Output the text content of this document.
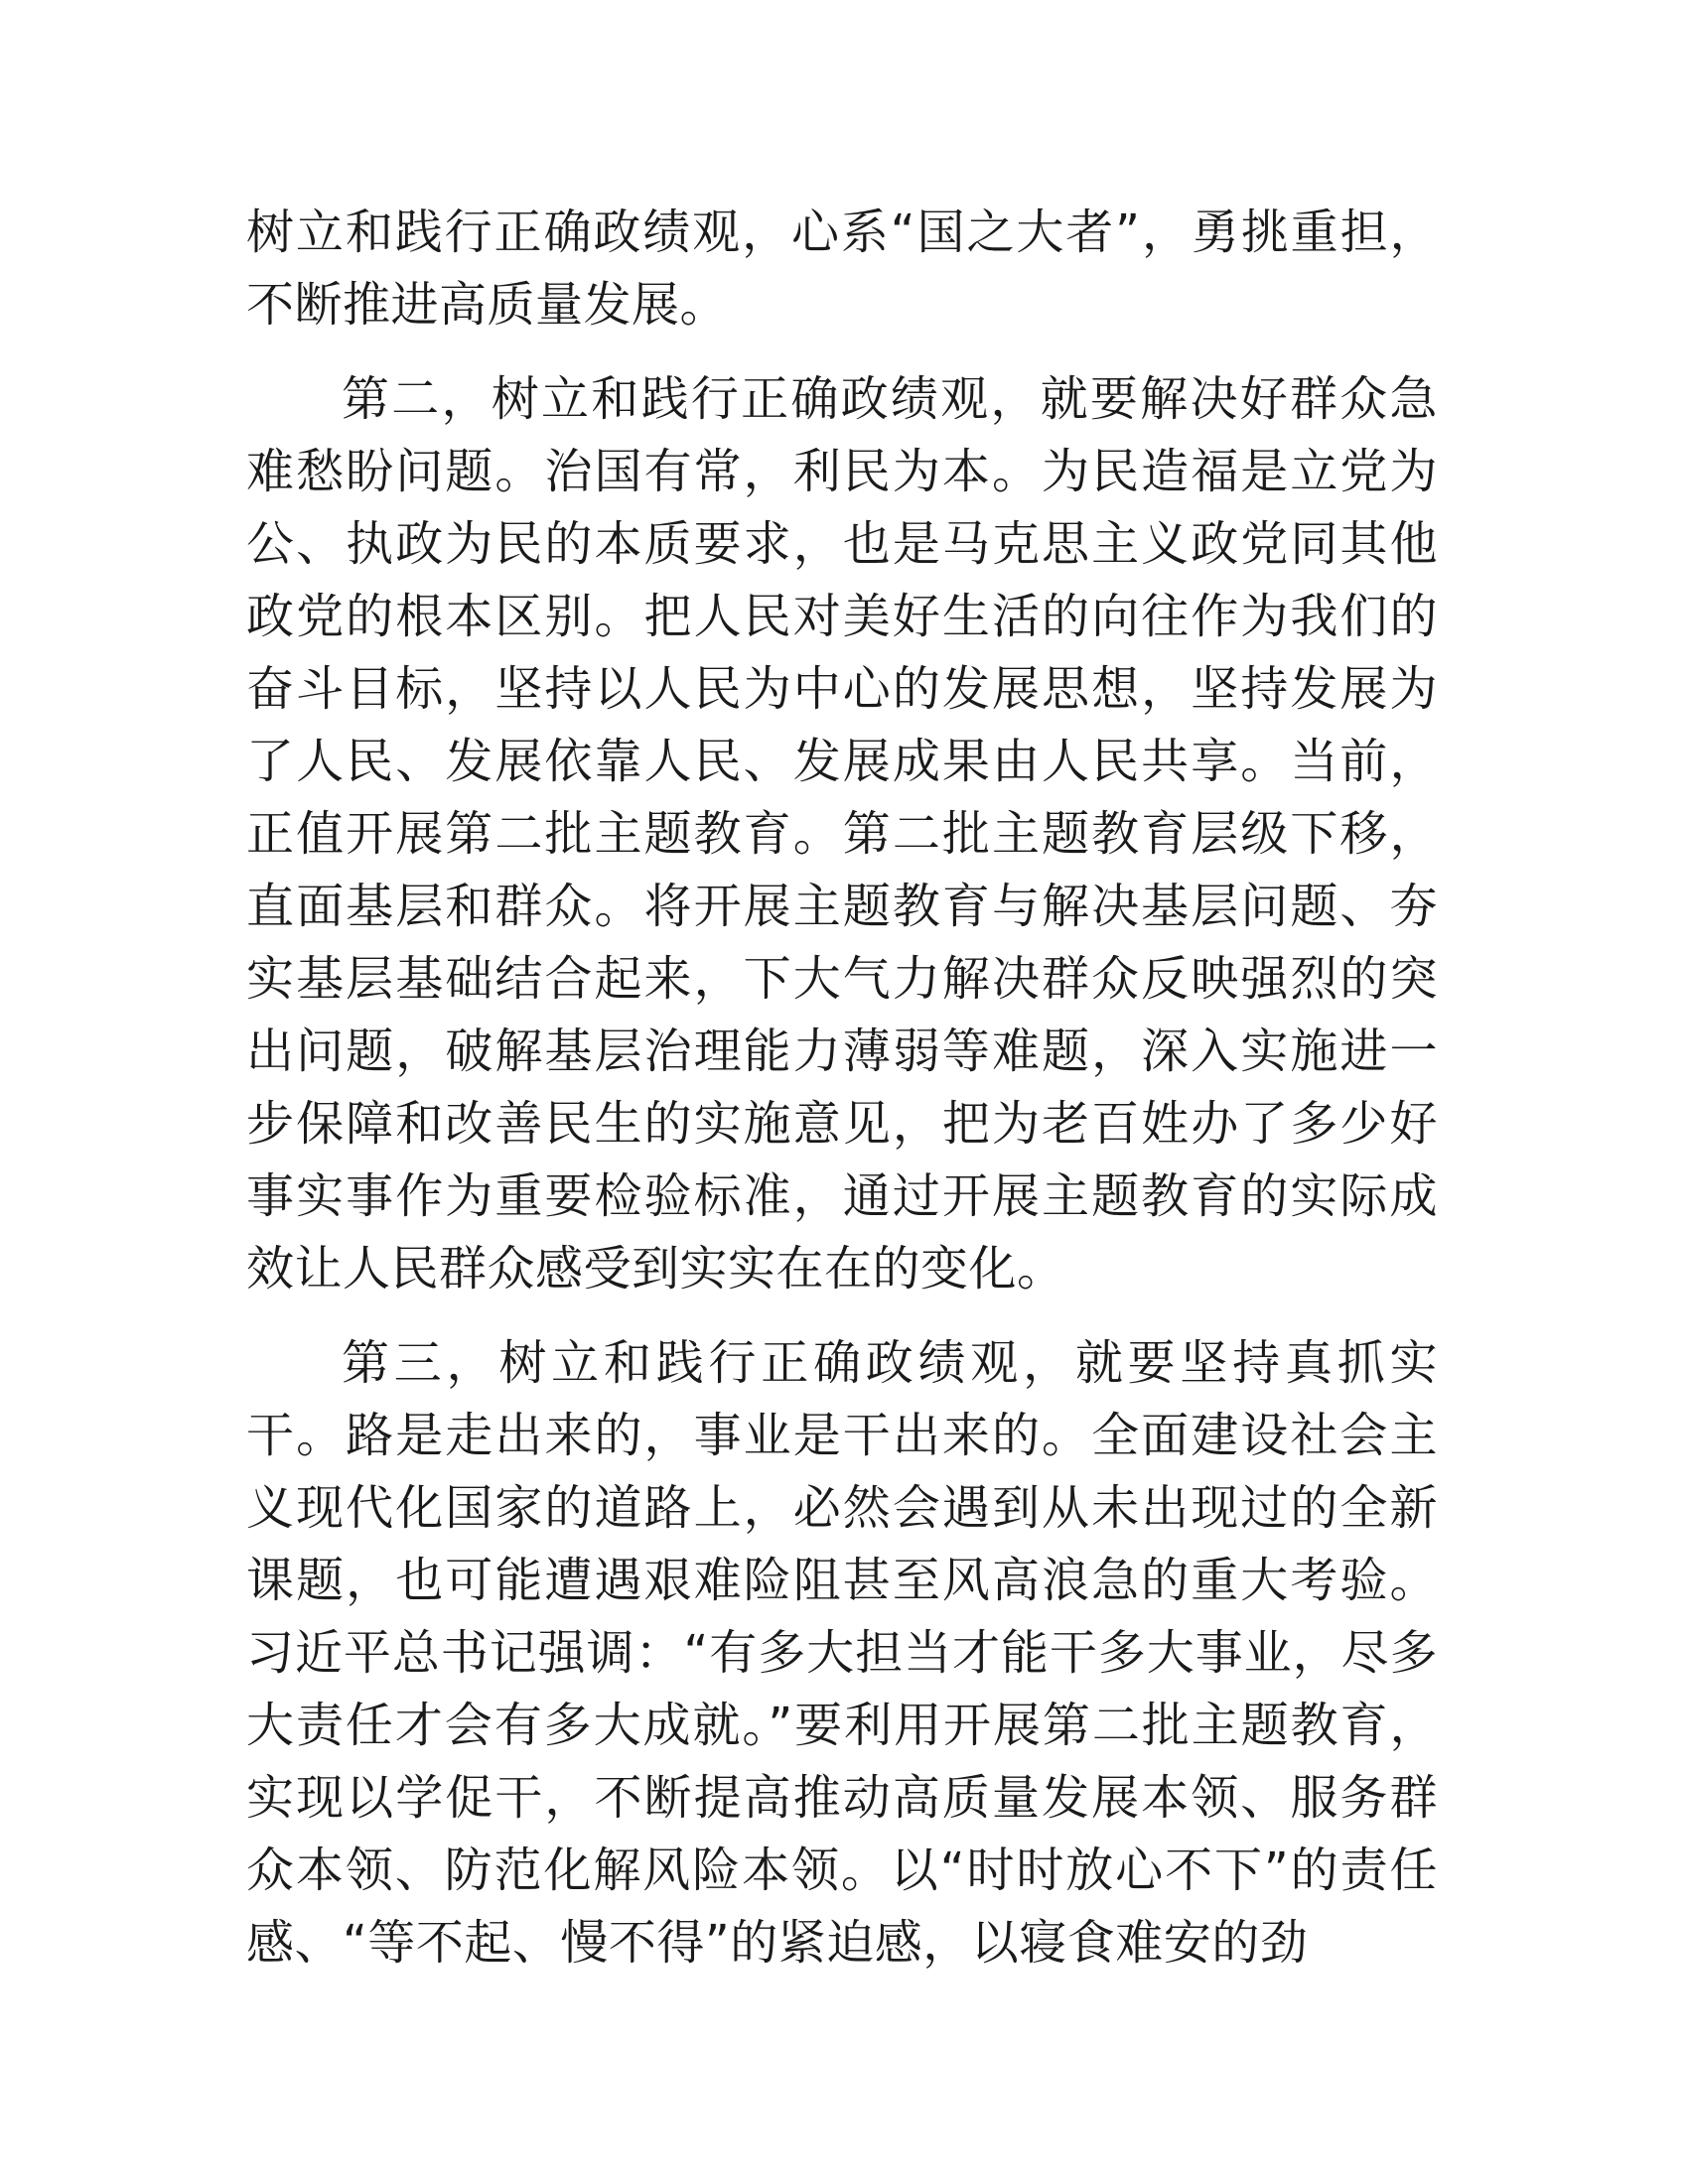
树立和践行正确政绩观，心系“国之大者”，勇挑重担，不断推进高质量发展。

第二，树立和践行正确政绩观，就要解决好群众急难愁盼问题。治国有常，利民为本。为民造福是立党为公、执政为民的本质要求，也是马克思主义政党同其他政党的根本区别。把人民对美好生活的向往作为我们的奋斗目标，坚持以人民为中心的发展思想，坚持发展为了人民、发展依靠人民、发展成果由人民共享。当前，正值开展第二批主题教育。第二批主题教育层级下移，直面基层和群众。将开展主题教育与解决基层问题、夯实基层基础结合起来，下大气力解决群众反映强烈的突出问题，破解基层治理能力薄弱等难题，深入实施进一步保障和改善民生的实施意见，把为老百姓办了多少好事实事作为重要检验标准，通过开展主题教育的实际成效让人民群众感受到实实在在的变化。

第三，树立和践行正确政绩观，就要坚持真抓实干。路是走出来的，事业是干出来的。全面建设社会主义现代化国家的道路上，必然会遇到从未出现过的全新课题，也可能遭遇艰难险阻甚至风高浪急的重大考验。习近平总书记强调：“有多大担当才能干多大事业，尽多大责任才会有多大成就。”要利用开展第二批主题教育，实现以学促干，不断提高推动高质量发展本领、服务群众本领、防范化解风险本领。以“时时放心不下”的责任感、“等不起、慢不得”的紧迫感，以寝食难安的劲
